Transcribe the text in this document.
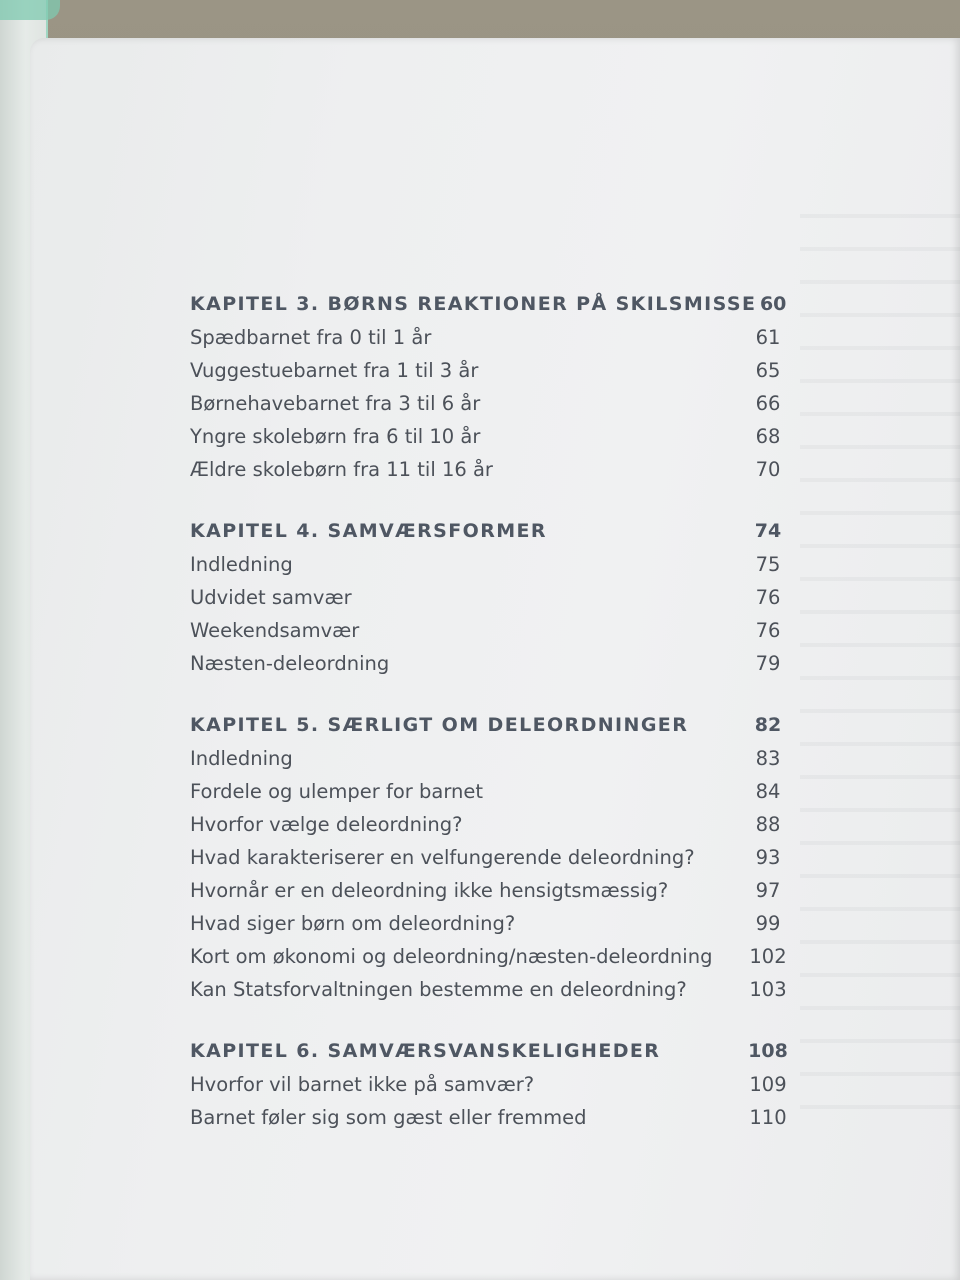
KAPITEL 3. BØRNS REAKTIONER PÅ SKILSMISSE 60
Spædbarnet fra 0 til 1 år	61
Vuggestuebarnet fra 1 til 3 år	65
Børnehavebarnet fra 3 til 6 år	66
Yngre skolebørn fra 6 til 10 år	68
Ældre skolebørn fra 11 til 16 år	70
KAPITEL 4. SAMVÆRSFORMER	74
Indledning	75
Udvidet samvær	76
Weekendsamvær	76
Næsten-deleordning	79
KAPITEL 5. SÆRLIGT OM DELEORDNINGER	82
Indledning	83
Fordele og ulemper for barnet	84
Hvorfor vælge deleordning?	88
Hvad karakteriserer en velfungerende deleordning?	93
Hvornår er en deleordning ikke hensigtsmæssig?	97
Hvad siger børn om deleordning?	99
Kort om økonomi og deleordning/næsten-deleordning 102
Kan Statsforvaltningen bestemme en deleordning?	103
KAPITEL 6. SAMVÆRSVANSKELIGHEDER	108
Hvorfor vil barnet ikke på samvær?	109
Barnet føler sig som gæst eller fremmed	110
